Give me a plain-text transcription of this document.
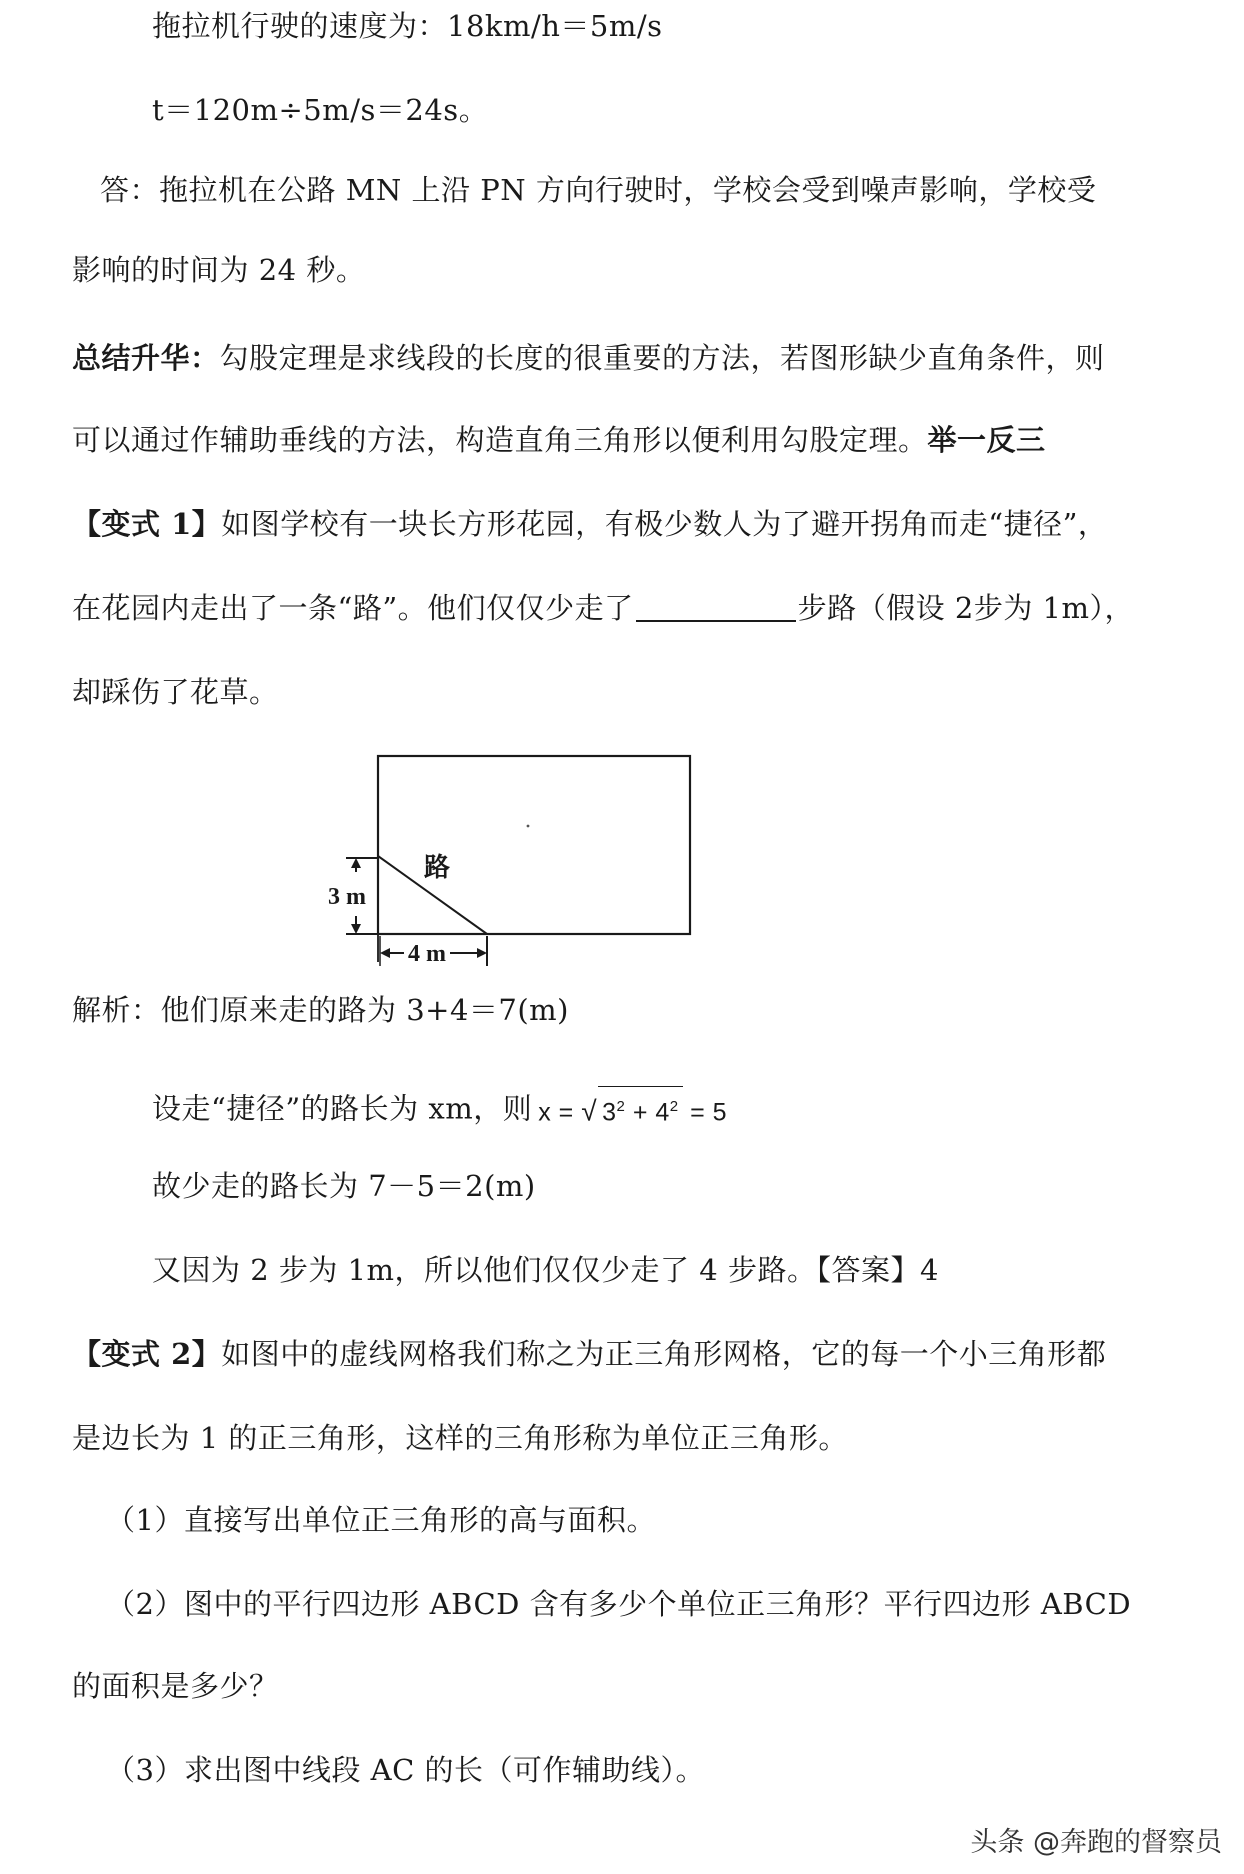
拖拉机行驶的速度为：18km/h＝5m/s
t＝120m÷5m/s＝24s。
答：拖拉机在公路 MN 上沿 PN 方向行驶时，学校会受到噪声影响，学校受
影响的时间为 24 秒。
总结升华：勾股定理是求线段的长度的很重要的方法，若图形缺少直角条件，则
可以通过作辅助垂线的方法，构造直角三角形以便利用勾股定理。举一反三
【变式 1】如图学校有一块长方形花园，有极少数人为了避开拐角而走“捷径”，
在花园内走出了一条“路”。他们仅仅少走了	步路（假设 2步为 1m），
却踩伤了花草。
3 m
4 m
路
解析：他们原来走的路为 3+4＝7(m)
设走“捷径”的路长为 xm，则 x = √ $3^2 + 4^2 = 5$
故少走的路长为 7－5＝2(m)
又因为 2 步为 1m，所以他们仅仅少走了 4 步路。【答案】4
【变式 2】如图中的虚线网格我们称之为正三角形网格，它的每一个小三角形都
是边长为 1 的正三角形，这样的三角形称为单位正三角形。
（1）直接写出单位正三角形的高与面积。
（2）图中的平行四边形 ABCD 含有多少个单位正三角形？平行四边形 ABCD
的面积是多少？
（3）求出图中线段 AC 的长（可作辅助线）。
头条 @奔跑的督察员
